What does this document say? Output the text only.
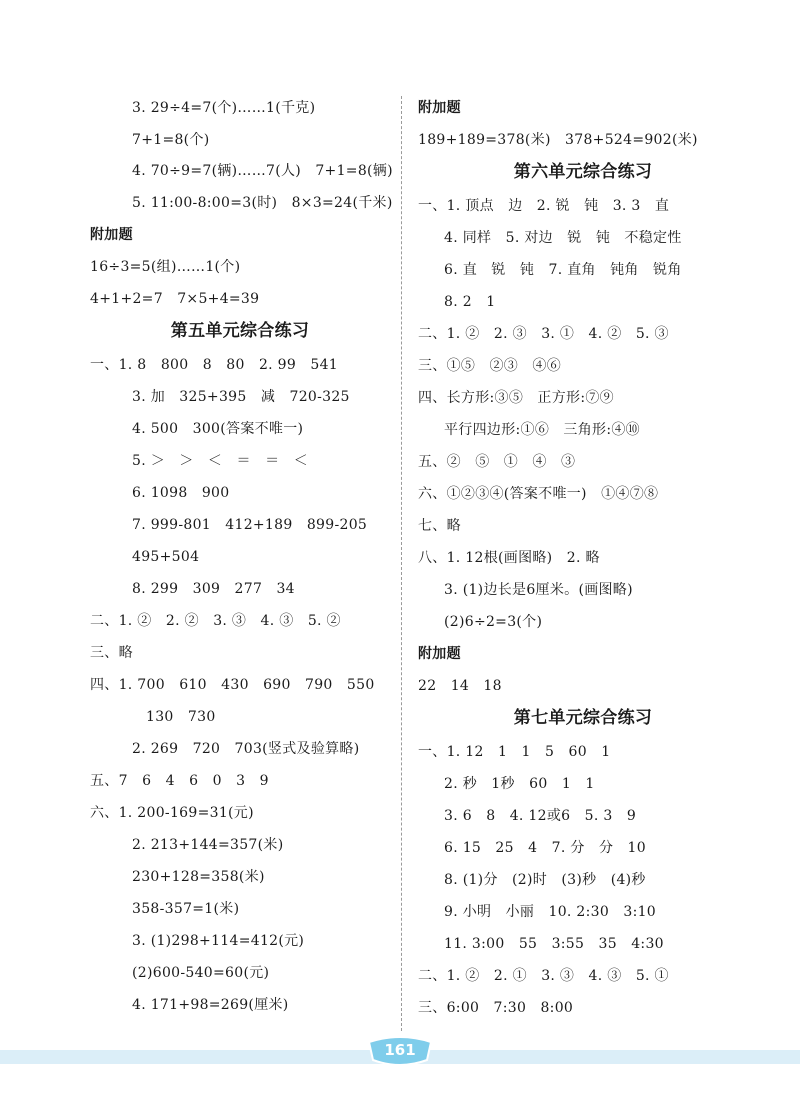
3. 29÷4=7(个)……1(千克)
7+1=8(个)
4. 70÷9=7(辆)……7(人)　7+1=8(辆)
5. 11:00-8:00=3(时)　8×3=24(千米)
附加题
16÷3=5(组)……1(个)
4+1+2=7　7×5+4=39
第五单元综合练习
一、1. 8　800　8　80　2. 99　541
3. 加　325+395　减　720-325
4. 500　300(答案不唯一)
5. ＞　＞　＜　＝　＝　＜
6. 1098　900
7. 999-801　412+189　899-205
495+504
8. 299　309　277　34
二、1. ②　2. ②　3. ③　4. ③　5. ②
三、略
四、1. 700　610　430　690　790　550
130　730
2. 269　720　703(竖式及验算略)
五、7　6　4　6　0　3　9
六、1. 200-169=31(元)
2. 213+144=357(米)
230+128=358(米)
358-357=1(米)
3. (1)298+114=412(元)
(2)600-540=60(元)
4. 171+98=269(厘米)
附加题
189+189=378(米)　378+524=902(米)
第六单元综合练习
一、1. 顶点　边　2. 锐　钝　3. 3　直
4. 同样　5. 对边　锐　钝　不稳定性
6. 直　锐　钝　7. 直角　钝角　锐角
8. 2　1
二、1. ②　2. ③　3. ①　4. ②　5. ③
三、①⑤　②③　④⑥
四、长方形:③⑤　正方形:⑦⑨
平行四边形:①⑥　三角形:④⑩
五、②　⑤　①　④　③
六、①②③④(答案不唯一)　①④⑦⑧
七、略
八、1. 12根(画图略)　2. 略
3. (1)边长是6厘米。(画图略)
(2)6÷2=3(个)
附加题
22　14　18
第七单元综合练习
一、1. 12　1　1　5　60　1
2. 秒　1秒　60　1　1
3. 6　8　4. 12或6　5. 3　9
6. 15　25　4　7. 分　分　10
8. (1)分　(2)时　(3)秒　(4)秒
9. 小明　小丽　10. 2:30　3:10
11. 3:00　55　3:55　35　4:30
二、1. ②　2. ①　3. ③　4. ③　5. ①
三、6:00　7:30　8:00
161
